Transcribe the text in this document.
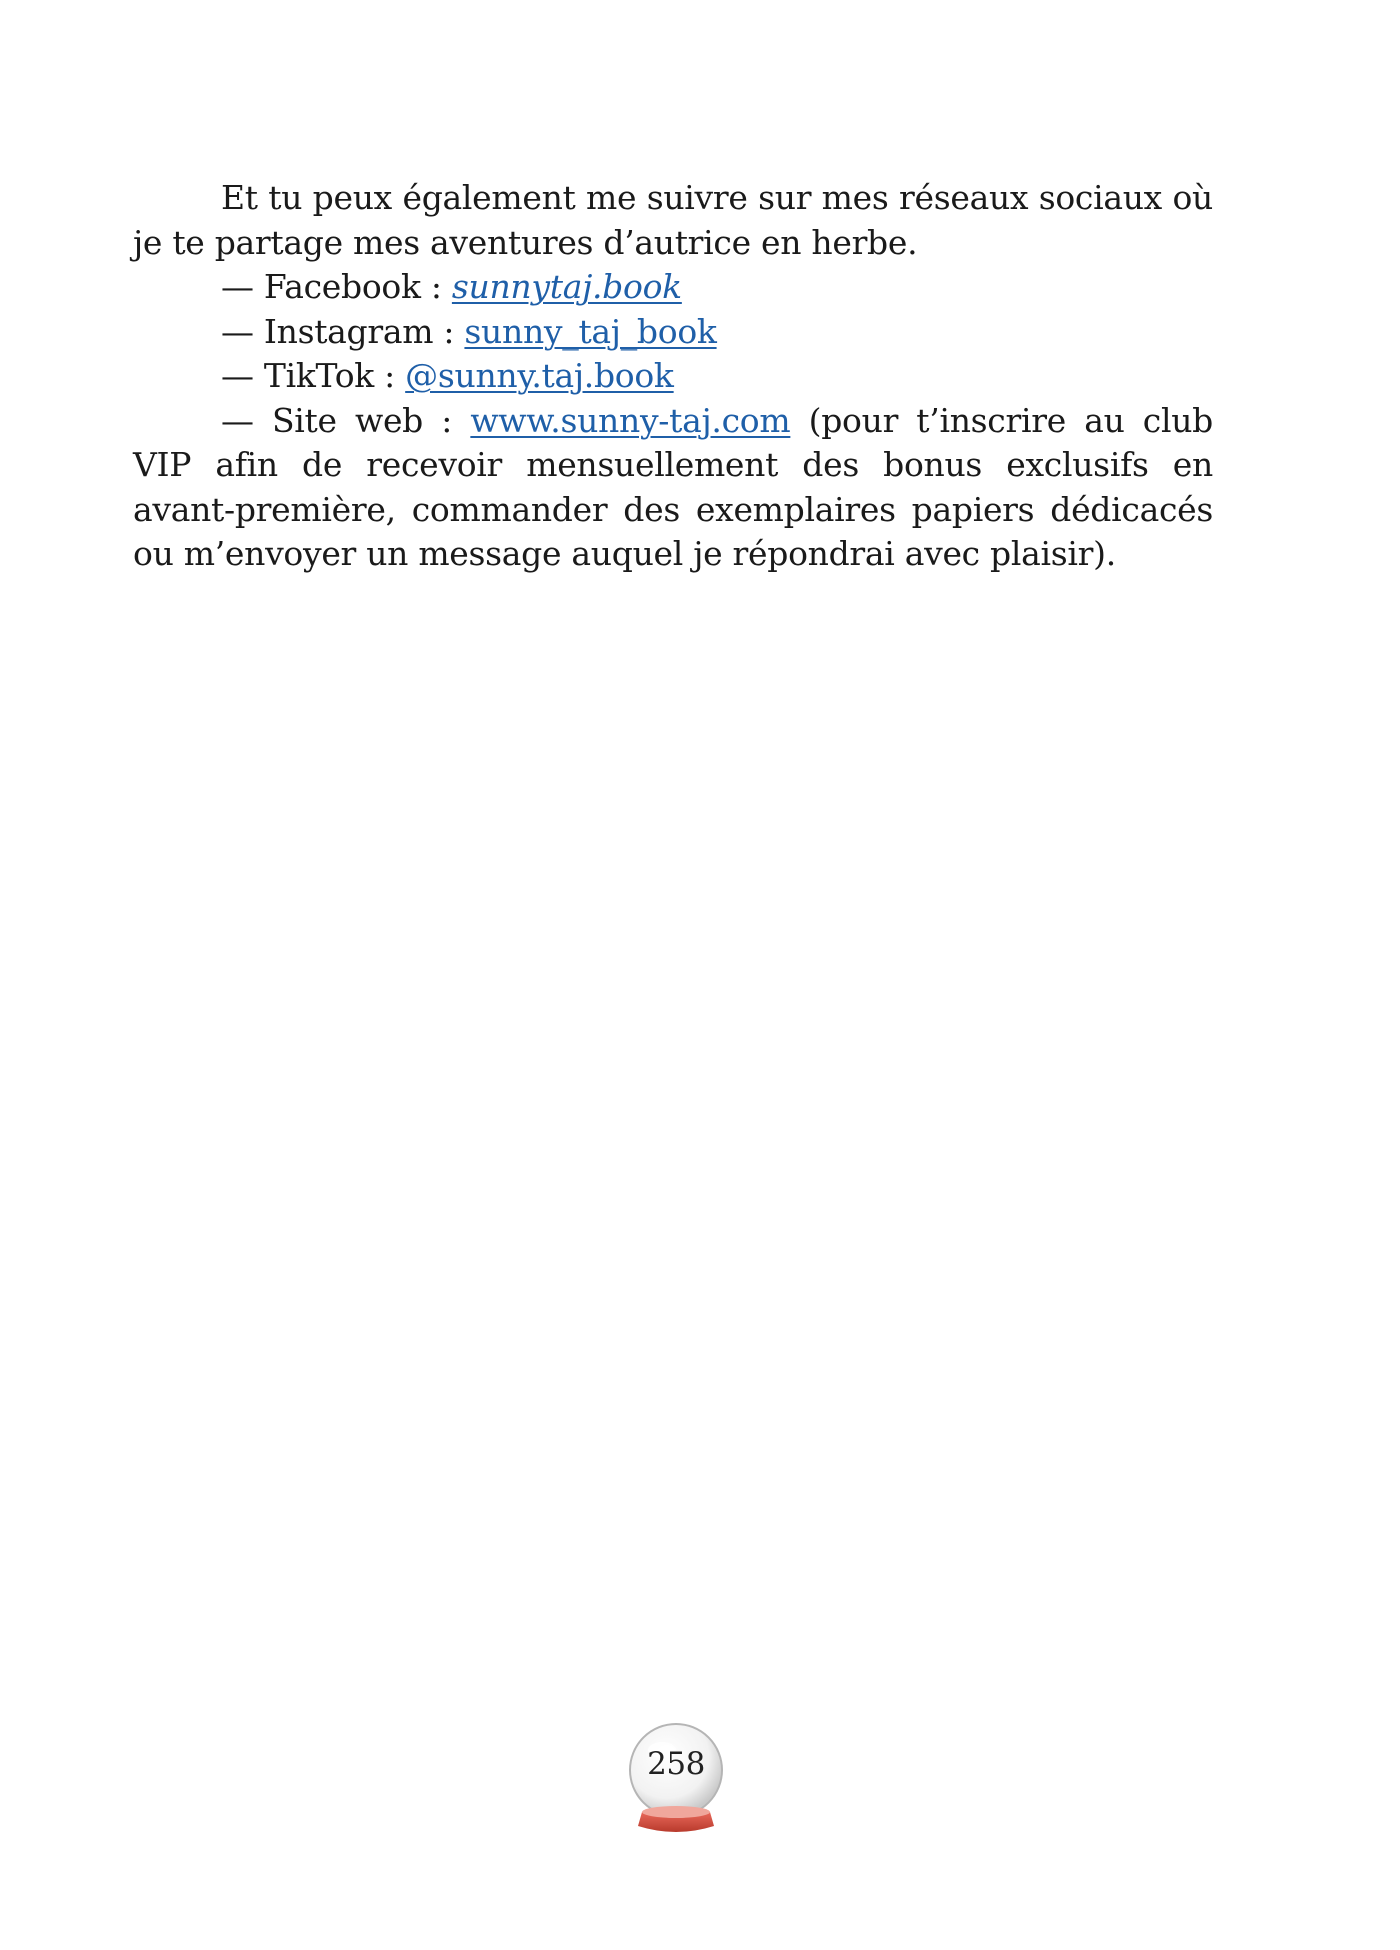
Et tu peux également me suivre sur mes réseaux sociaux où je te partage mes aventures d’autrice en herbe.

— Facebook : sunnytaj.book

— Instagram : sunny_taj_book

— TikTok : @sunny.taj.book

— Site web : www.sunny-taj.com (pour t’inscrire au club VIP afin de recevoir mensuellement des bonus exclusifs en avant-première, commander des exemplaires papiers dédicacés ou m’envoyer un message auquel je répondrai avec plaisir).

258
